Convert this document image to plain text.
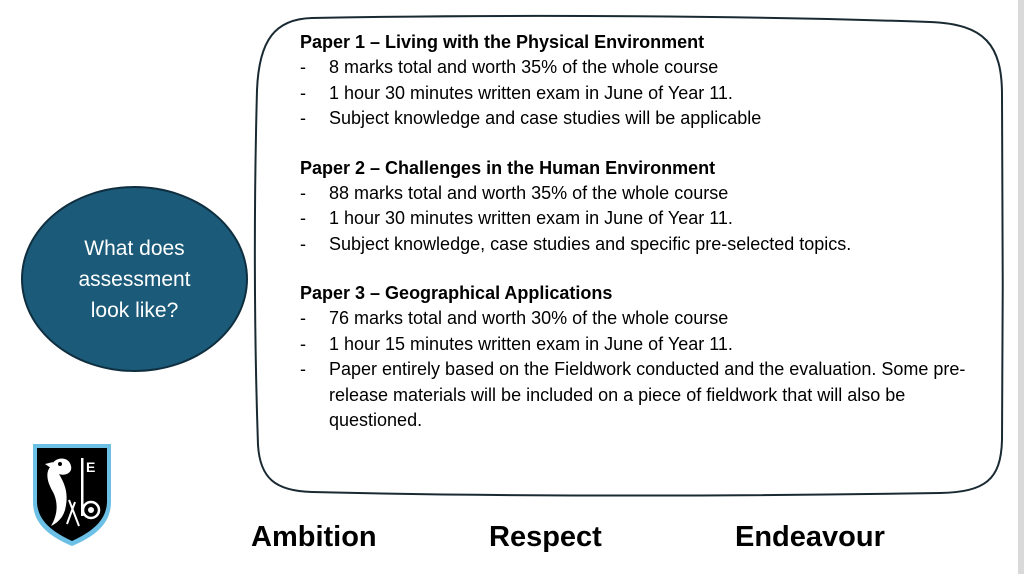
What does assessment look like?
Paper 1 – Living with the Physical Environment
- 8 marks total and worth 35% of the whole course
- 1 hour 30 minutes written exam in June of Year 11.
- Subject knowledge and case studies will be applicable
Paper 2 – Challenges in the Human Environment
- 88 marks total and worth 35% of the whole course
- 1 hour 30 minutes written exam in June of Year 11.
- Subject knowledge, case studies and specific pre-selected topics.
Paper 3 – Geographical Applications
- 76 marks total and worth 30% of the whole course
- 1 hour 15 minutes written exam in June of Year 11.
- Paper entirely based on the Fieldwork conducted and the evaluation. Some pre-release materials will be included on a piece of fieldwork that will also be questioned.
E
Ambition	Respect	Endeavour
